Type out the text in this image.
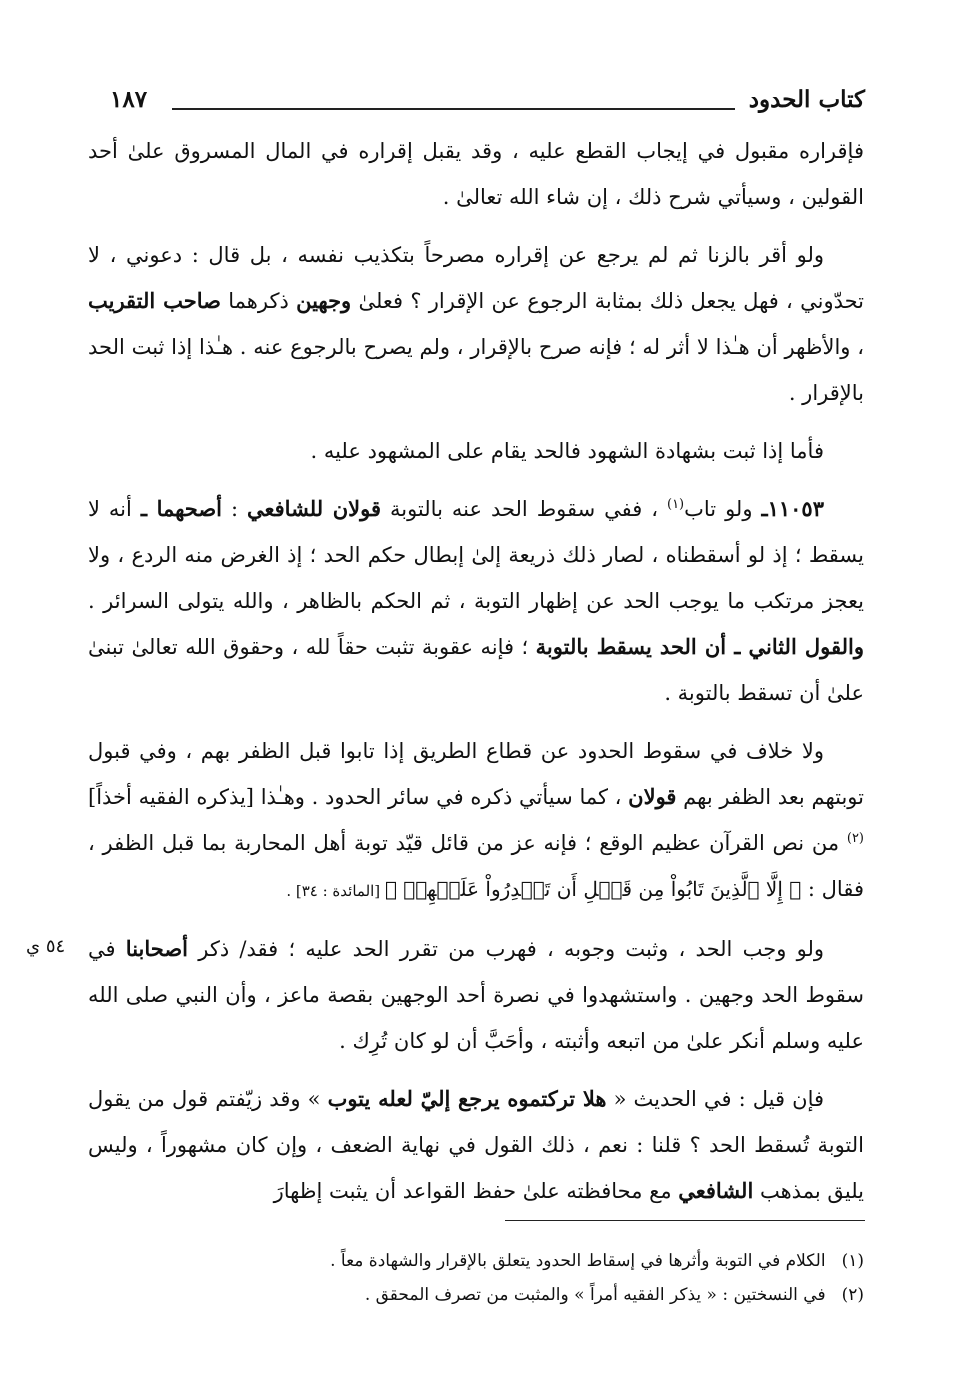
كتاب الحدود
١٨٧
٥٤ ي

فإقراره مقبول في إيجاب القطع عليه ، وقد يقبل إقراره في المال المسروق علىٰ أحد القولين ، وسيأتي شرح ذلك ، إن شاء الله تعالىٰ .

ولو أقر بالزنا ثم لم يرجع عن إقراره مصرحاً بتكذيب نفسه ، بل قال : دعوني ، لا تحدّوني ، فهل يجعل ذلك بمثابة الرجوع عن الإقرار ؟ فعلىٰ وجهين ذكرهما صاحب التقريب ، والأظهر أن هـٰذا لا أثر له ؛ فإنه صرح بالإقرار ، ولم يصرح بالرجوع عنه . هـٰذا إذا ثبت الحد بالإقرار .

فأما إذا ثبت بشهادة الشهود فالحد يقام على المشهود عليه .

١١٠٥٣ـ ولو تاب$^{(١)}$ ، ففي سقوط الحد عنه بالتوبة قولان للشافعي : أصحهما ـ أنه لا يسقط ؛ إذ لو أسقطناه ، لصار ذلك ذريعة إلىٰ إبطال حكم الحد ؛ إذ الغرض منه الردع ، ولا يعجز مرتكب ما يوجب الحد عن إظهار التوبة ، ثم الحكم بالظاهر ، والله يتولى السرائر . والقول الثاني ـ أن الحد يسقط بالتوبة ؛ فإنه عقوبة تثبت حقاً لله ، وحقوق الله تعالىٰ تبنىٰ علىٰ أن تسقط بالتوبة .

ولا خلاف في سقوط الحدود عن قطاع الطريق إذا تابوا قبل الظفر بهم ، وفي قبول توبتهم بعد الظفر بهم قولان ، كما سيأتي ذكره في سائر الحدود . وهـٰذا [يذكره الفقيه أخذاً]$^{(٢)}$ من نص القرآن عظيم الوقع ؛ فإنه عز من قائل قيّد توبة أهل المحاربة بما قبل الظفر ، فقال : ﴿ إِلَّا ٱلَّذِينَ تَابُواْ مِن قَبۡلِ أَن تَقۡدِرُواْ عَلَيۡهِمۡ ﴾ [المائدة : ٣٤] .

ولو وجب الحد ، وثبت وجوبه ، فهرب من تقرر الحد عليه ؛ فقد/ ذكر أصحابنا في سقوط الحد وجهين . واستشهدوا في نصرة أحد الوجهين بقصة ماعز ، وأن النبي صلى الله عليه وسلم أنكر علىٰ من اتبعه وأثبته ، وأحَبَّ أن لو كان تُرِك .

فإن قيل : في الحديث « هلا تركتموه يرجع إليّ لعله يتوب » وقد زيّفتم قول من يقول التوبة تُسقط الحد ؟ قلنا : نعم ، ذلك القول في نهاية الضعف ، وإن كان مشهوراً ، وليس يليق بمذهب الشافعي مع محافظته علىٰ حفظ القواعد أن يثبت إظهارَ

(١)
الكلام في التوبة وأثرها في إسقاط الحدود يتعلق بالإقرار والشهادة معاً .
(٢)
في النسختين : « يذكر الفقيه أمراً » والمثبت من تصرف المحقق .
